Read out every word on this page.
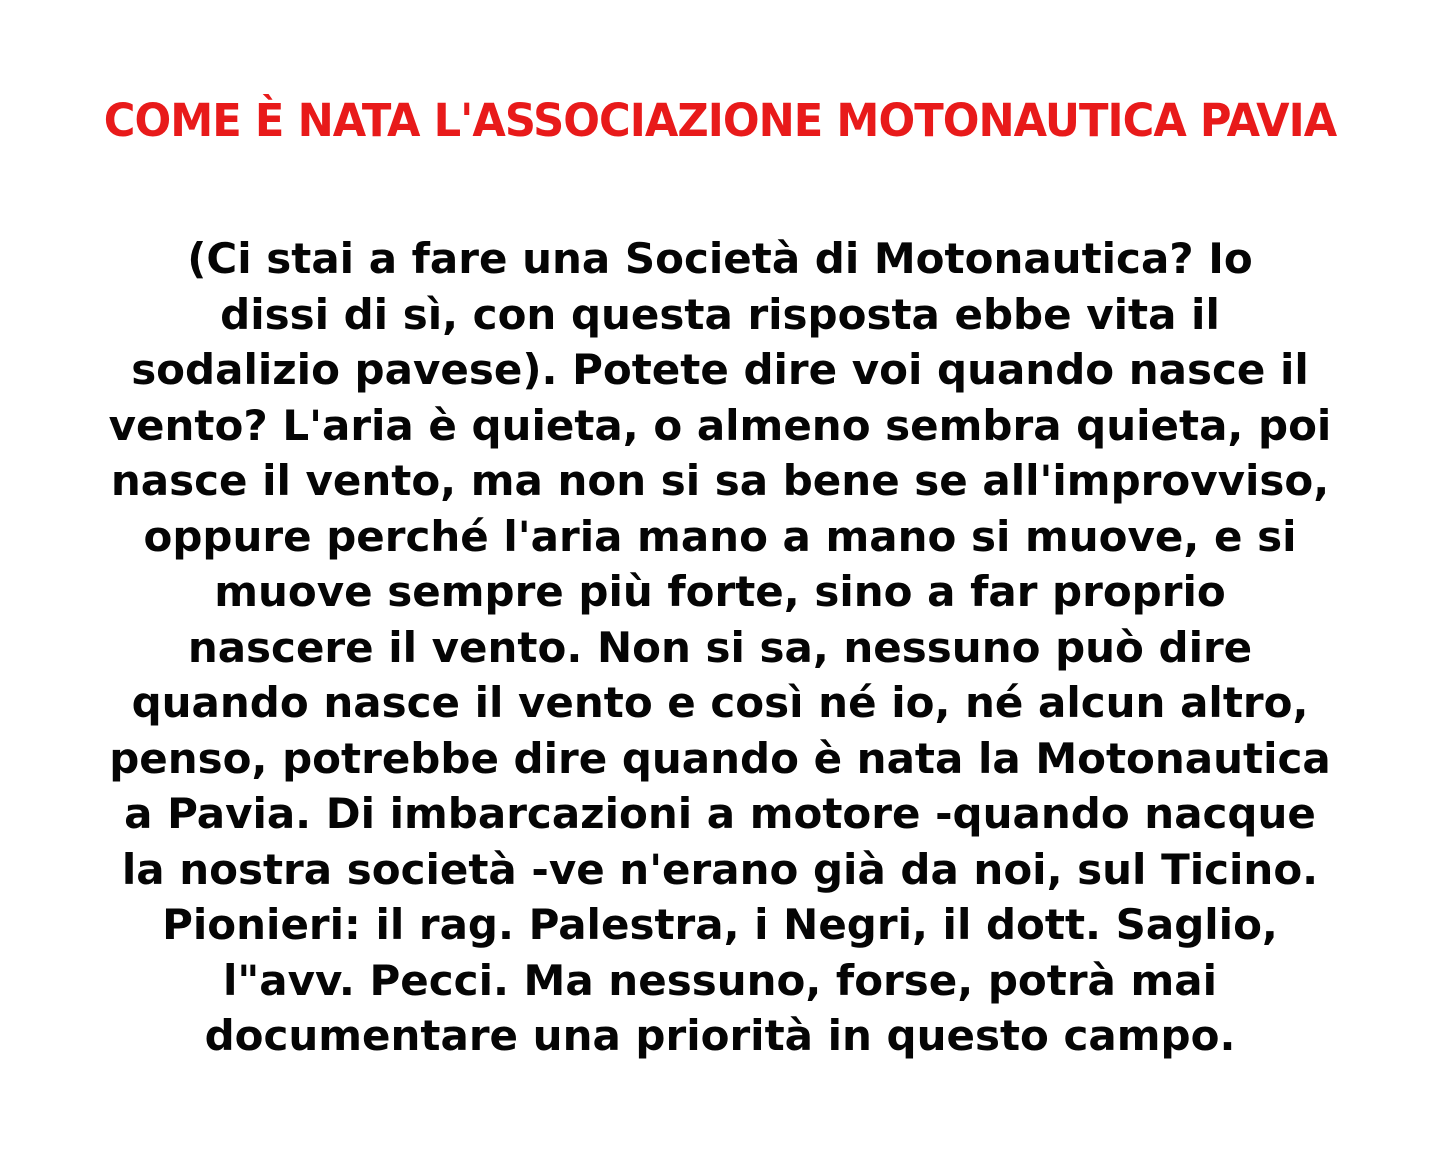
COME È NATA L'ASSOCIAZIONE MOTONAUTICA PAVIA
(Ci stai a fare una Società di Motonautica? Io
dissi di sì, con questa risposta ebbe vita il
sodalizio pavese). Potete dire voi quando nasce il
vento? L'aria è quieta, o almeno sembra quieta, poi
nasce il vento, ma non si sa bene se all'improvviso,
oppure perché l'aria mano a mano si muove, e si
muove sempre più forte, sino a far proprio
nascere il vento. Non si sa, nessuno può dire
quando nasce il vento e così né io, né alcun altro,
penso, potrebbe dire quando è nata la Motonautica
a Pavia. Di imbarcazioni a motore -quando nacque
la nostra società -ve n'erano già da noi, sul Ticino.
Pionieri: il rag. Palestra, i Negri, il dott. Saglio,
l"avv. Pecci. Ma nessuno, forse, potrà mai
documentare una priorità in questo campo.
